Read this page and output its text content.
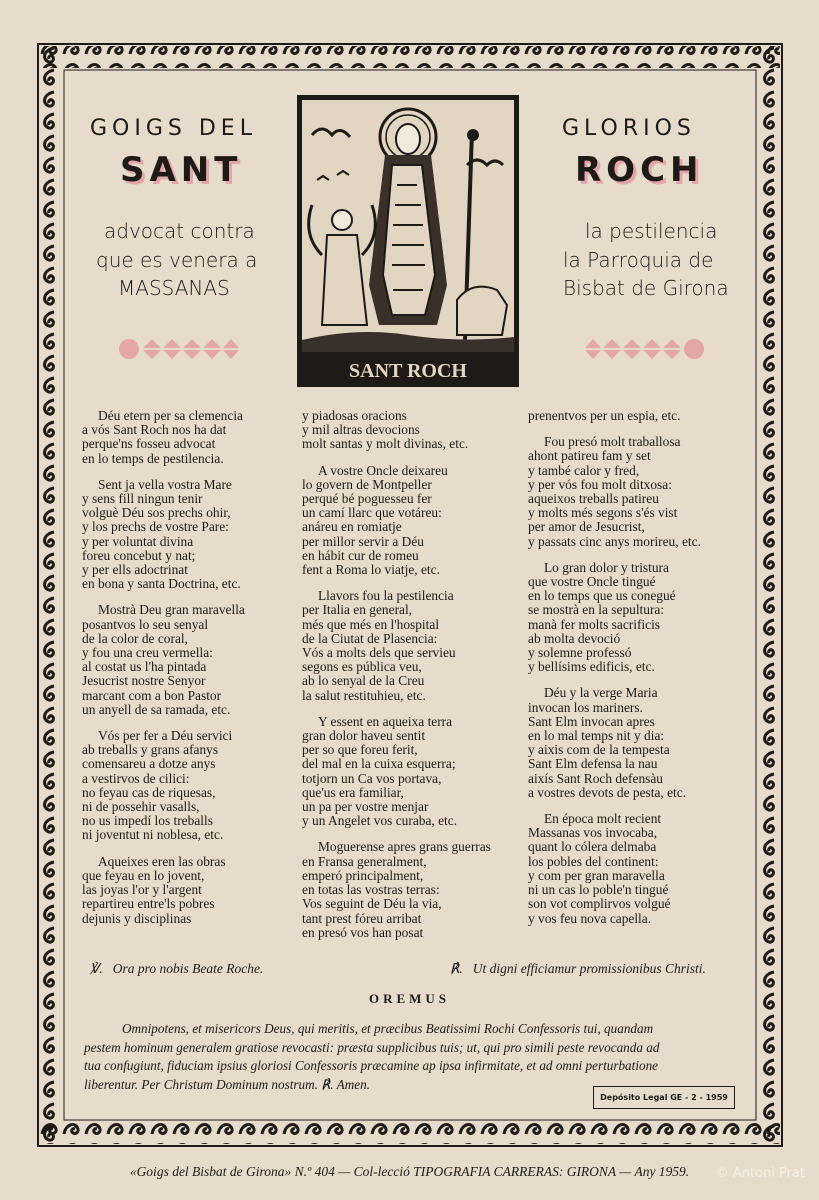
GOIGS DEL
SANT
advocat contra
que es venera a
MASSANAS
GLORIOS
ROCH
la pestilencia
la Parroquia de
Bisbat de Girona
SANT ROCH
Déu etern per sa clemencia
a vós Sant Roch nos ha dat
perque'ns fosseu advocat
en lo temps de pestilencia.
Sent ja vella vostra Mare
y sens fill ningun tenir
volguè Déu sos prechs ohir,
y los prechs de vostre Pare:
y per voluntat divina
foreu concebut y nat;
y per ells adoctrinat
en bona y santa Doctrina, etc.
Mostrà Deu gran maravella
posantvos lo seu senyal
de la color de coral,
y fou una creu vermella:
al costat us l'ha pintada
Jesucrist nostre Senyor
marcant com a bon Pastor
un anyell de sa ramada, etc.
Vós per fer a Déu servici
ab treballs y grans afanys
comensareu a dotze anys
a vestirvos de cilici:
no feyau cas de riquesas,
ni de possehir vasalls,
no us impedí los treballs
ni joventut ni noblesa, etc.
Aqueixes eren las obras
que feyau en lo jovent,
las joyas l'or y l'argent
repartireu entre'ls pobres
dejunis y disciplinas
y piadosas oracions
y mil altras devocions
molt santas y molt divinas, etc.
A vostre Oncle deixareu
lo govern de Montpeller
perqué bé poguesseu fer
un camí llarc que votáreu:
anáreu en romiatje
per millor servir a Déu
en hábit cur de romeu
fent a Roma lo viatje, etc.
Llavors fou la pestilencia
per Italia en general,
més que més en l'hospital
de la Ciutat de Plasencia:
Vós a molts dels que servieu
segons es pública veu,
ab lo senyal de la Creu
la salut restituhieu, etc.
Y essent en aqueixa terra
gran dolor haveu sentit
per so que foreu ferit,
del mal en la cuixa esquerra;
totjorn un Ca vos portava,
que'us era familiar,
un pa per vostre menjar
y un Angelet vos curaba, etc.
Moguerense apres grans guerras
en Fransa generalment,
emperó principalment,
en totas las vostras terras:
Vos seguint de Déu la via,
tant prest fóreu arribat
en presó vos han posat
prenentvos per un espia, etc.
Fou presó molt traballosa
ahont patireu fam y set
y també calor y fred,
y per vós fou molt ditxosa:
aqueixos treballs patireu
y molts més segons s'és vist
per amor de Jesucrist,
y passats cinc anys morireu, etc.
Lo gran dolor y tristura
que vostre Oncle tingué
en lo temps que us conegué
se mostrà en la sepultura:
manà fer molts sacrificis
ab molta devoció
y solemne professó
y bellísims edificis, etc.
Déu y la verge Maria
invocan los mariners.
Sant Elm invocan apres
en lo mal temps nit y dia:
y aixis com de la tempesta
Sant Elm defensa la nau
aixís Sant Roch defensàu
a vostres devots de pesta, etc.
En época molt recient
Massanas vos invocaba,
quant lo cólera delmaba
los pobles del continent:
y com per gran maravella
ni un cas lo poble'n tingué
son vot complirvos volgué
y vos feu nova capella.
℣. Ora pro nobis Beate Roche.	℟. Ut digni efficiamur promissionibus Christi.
OREMUS
Omnipotens, et misericors Deus, qui meritis, et præcibus Beatissimi Rochi Confessoris tui, quandam
pestem hominum generalem gratiose revocasti: præsta supplicibus tuis; ut, qui pro simili peste revocanda ad
tua confugiunt, fiduciam ipsius gloriosi Confessoris præcamine ap ipsa infirmitate, et ad omni perturbatione
liberentur. Per Christum Dominum nostrum. ℟. Amen.
Depósito Legal GE - 2 - 1959
«Goigs del Bisbat de Girona» N.º 404 — Col-lecció TIPOGRAFIA CARRERAS: GIRONA — Any 1959.	© Antoni Prat
